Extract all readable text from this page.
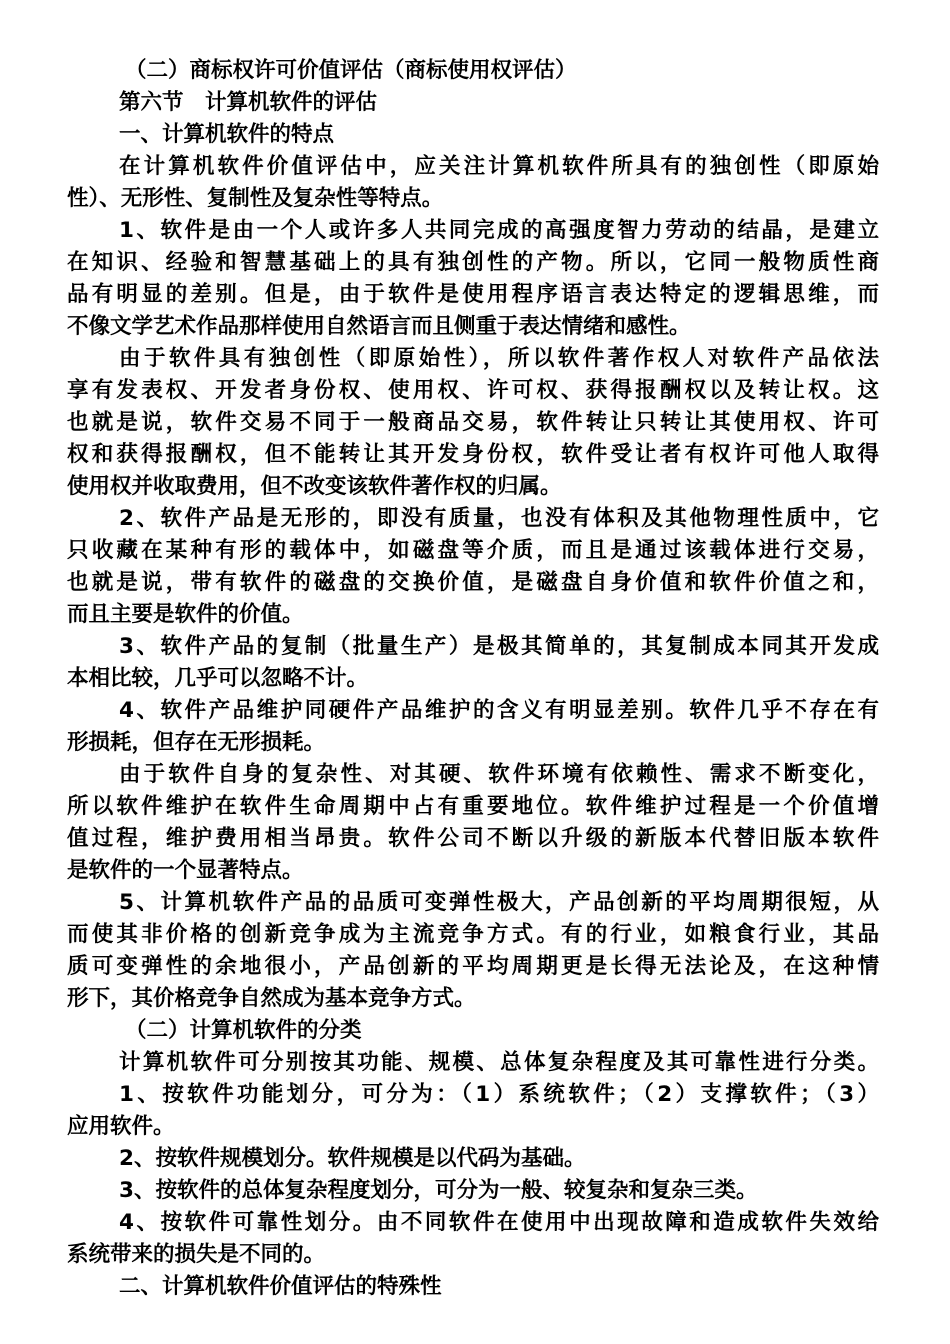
（二）商标权许可价值评估（商标使用权评估）
第六节　计算机软件的评估
一、计算机软件的特点
在计算机软件价值评估中，应关注计算机软件所具有的独创性（即原始
性）、无形性、复制性及复杂性等特点。
1、软件是由一个人或许多人共同完成的高强度智力劳动的结晶，是建立
在知识、经验和智慧基础上的具有独创性的产物。所以，它同一般物质性商
品有明显的差别。但是，由于软件是使用程序语言表达特定的逻辑思维，而
不像文学艺术作品那样使用自然语言而且侧重于表达情绪和感性。
由于软件具有独创性（即原始性），所以软件著作权人对软件产品依法
享有发表权、开发者身份权、使用权、许可权、获得报酬权以及转让权。这
也就是说，软件交易不同于一般商品交易，软件转让只转让其使用权、许可
权和获得报酬权，但不能转让其开发身份权，软件受让者有权许可他人取得
使用权并收取费用，但不改变该软件著作权的归属。
2、软件产品是无形的，即没有质量，也没有体积及其他物理性质中，它
只收藏在某种有形的载体中，如磁盘等介质，而且是通过该载体进行交易，
也就是说，带有软件的磁盘的交换价值，是磁盘自身价值和软件价值之和，
而且主要是软件的价值。
3、软件产品的复制（批量生产）是极其简单的，其复制成本同其开发成
本相比较，几乎可以忽略不计。
4、软件产品维护同硬件产品维护的含义有明显差别。软件几乎不存在有
形损耗，但存在无形损耗。
由于软件自身的复杂性、对其硬、软件环境有依赖性、需求不断变化，
所以软件维护在软件生命周期中占有重要地位。软件维护过程是一个价值增
值过程，维护费用相当昂贵。软件公司不断以升级的新版本代替旧版本软件
是软件的一个显著特点。
5、计算机软件产品的品质可变弹性极大，产品创新的平均周期很短，从
而使其非价格的创新竞争成为主流竞争方式。有的行业，如粮食行业，其品
质可变弹性的余地很小，产品创新的平均周期更是长得无法论及，在这种情
形下，其价格竞争自然成为基本竞争方式。
（二）计算机软件的分类
计算机软件可分别按其功能、规模、总体复杂程度及其可靠性进行分类。
1、按软件功能划分，可分为：（1）系统软件；（2）支撑软件；（3）
应用软件。
2、按软件规模划分。软件规模是以代码为基础。
3、按软件的总体复杂程度划分，可分为一般、较复杂和复杂三类。
4、按软件可靠性划分。由不同软件在使用中出现故障和造成软件失效给
系统带来的损失是不同的。
二、计算机软件价值评估的特殊性
